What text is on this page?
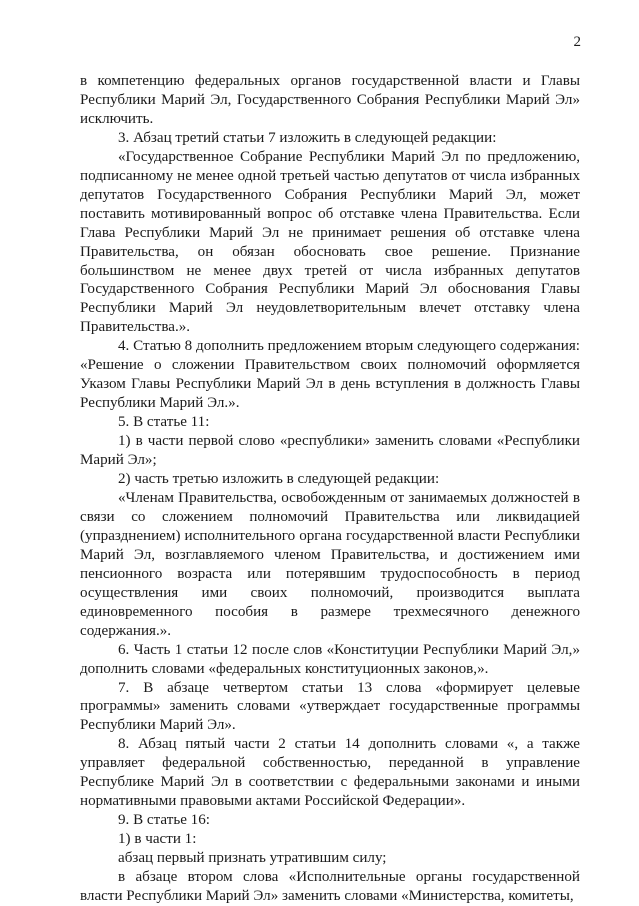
2

в компетенцию федеральных органов государственной власти и Главы Республики Марий Эл, Государственного Собрания Республики Марий Эл» исключить.

3. Абзац третий статьи 7 изложить в следующей редакции:

«Государственное Собрание Республики Марий Эл по предложению, подписанному не менее одной третьей частью депутатов от числа избранных депутатов Государственного Собрания Республики Марий Эл, может поставить мотивированный вопрос об отставке члена Правительства. Если Глава Республики Марий Эл не принимает решения об отставке члена Правительства, он обязан обосновать свое решение. Признание большинством не менее двух третей от числа избранных депутатов Государственного Собрания Республики Марий Эл обоснования Главы Республики Марий Эл неудовлетворительным влечет отставку члена Правительства.».

4. Статью 8 дополнить предложением вторым следующего содержания: «Решение о сложении Правительством своих полномочий оформляется Указом Главы Республики Марий Эл в день вступления в должность Главы Республики Марий Эл.».

5. В статье 11:

1) в части первой слово «республики» заменить словами «Республики Марий Эл»;

2) часть третью изложить в следующей редакции:

«Членам Правительства, освобожденным от занимаемых должностей в связи со сложением полномочий Правительства или ликвидацией (упразднением) исполнительного органа государственной власти Республики Марий Эл, возглавляемого членом Правительства, и достижением ими пенсионного возраста или потерявшим трудоспособность в период осуществления ими своих полномочий, производится выплата единовременного пособия в размере трехмесячного денежного содержания.».

6. Часть 1 статьи 12 после слов «Конституции Республики Марий Эл,» дополнить словами «федеральных конституционных законов,».

7. В абзаце четвертом статьи 13 слова «формирует целевые программы» заменить словами «утверждает государственные программы Республики Марий Эл».

8. Абзац пятый части 2 статьи 14 дополнить словами «, а также управляет федеральной собственностью, переданной в управление Республике Марий Эл в соответствии с федеральными законами и иными нормативными правовыми актами Российской Федерации».

9. В статье 16:

1) в части 1:

абзац первый признать утратившим силу;

в абзаце втором слова «Исполнительные органы государственной власти Республики Марий Эл» заменить словами «Министерства, комитеты,
